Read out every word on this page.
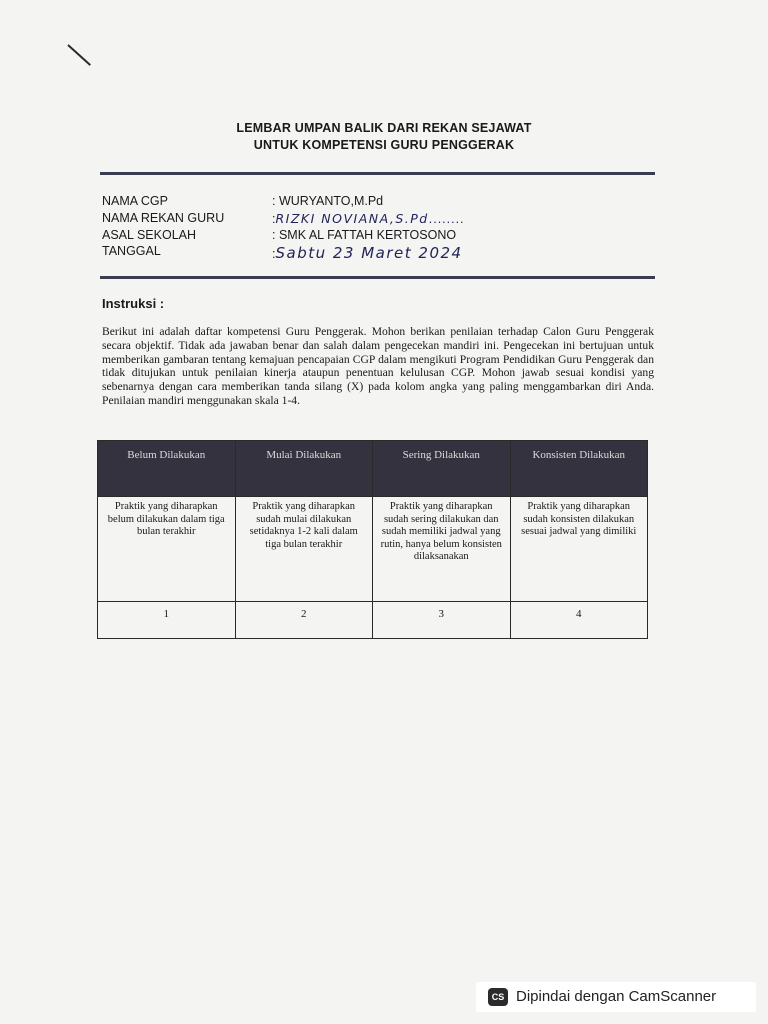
LEMBAR UMPAN BALIK DARI REKAN SEJAWAT
UNTUK KOMPETENSI GURU PENGGERAK
NAMA CGP	: WURYANTO,M.Pd
NAMA REKAN GURU	:RIZKI NOVIANA,S.Pd........
ASAL SEKOLAH	: SMK AL FATTAH KERTOSONO
TANGGAL	:Sabtu 23 Maret 2024
Instruksi :
Berikut ini adalah daftar kompetensi Guru Penggerak. Mohon berikan penilaian terhadap Calon Guru Penggerak secara objektif. Tidak ada jawaban benar dan salah dalam pengecekan mandiri ini. Pengecekan ini bertujuan untuk memberikan gambaran tentang kemajuan pencapaian CGP dalam mengikuti Program Pendidikan Guru Penggerak dan tidak ditujukan untuk penilaian kinerja ataupun penentuan kelulusan CGP. Mohon jawab sesuai kondisi yang sebenarnya dengan cara memberikan tanda silang (X) pada kolom angka yang paling menggambarkan diri Anda. Penilaian mandiri menggunakan skala 1-4.
Belum Dilakukan	Mulai Dilakukan	Sering Dilakukan	Konsisten Dilakukan
Praktik yang diharapkan belum dilakukan dalam tiga bulan terakhir	Praktik yang diharapkan sudah mulai dilakukan setidaknya 1-2 kali dalam tiga bulan terakhir	Praktik yang diharapkan sudah sering dilakukan dan sudah memiliki jadwal yang rutin, hanya belum konsisten dilaksanakan	Praktik yang diharapkan sudah konsisten dilakukan sesuai jadwal yang dimiliki
1	2	3	4
CS Dipindai dengan CamScanner
